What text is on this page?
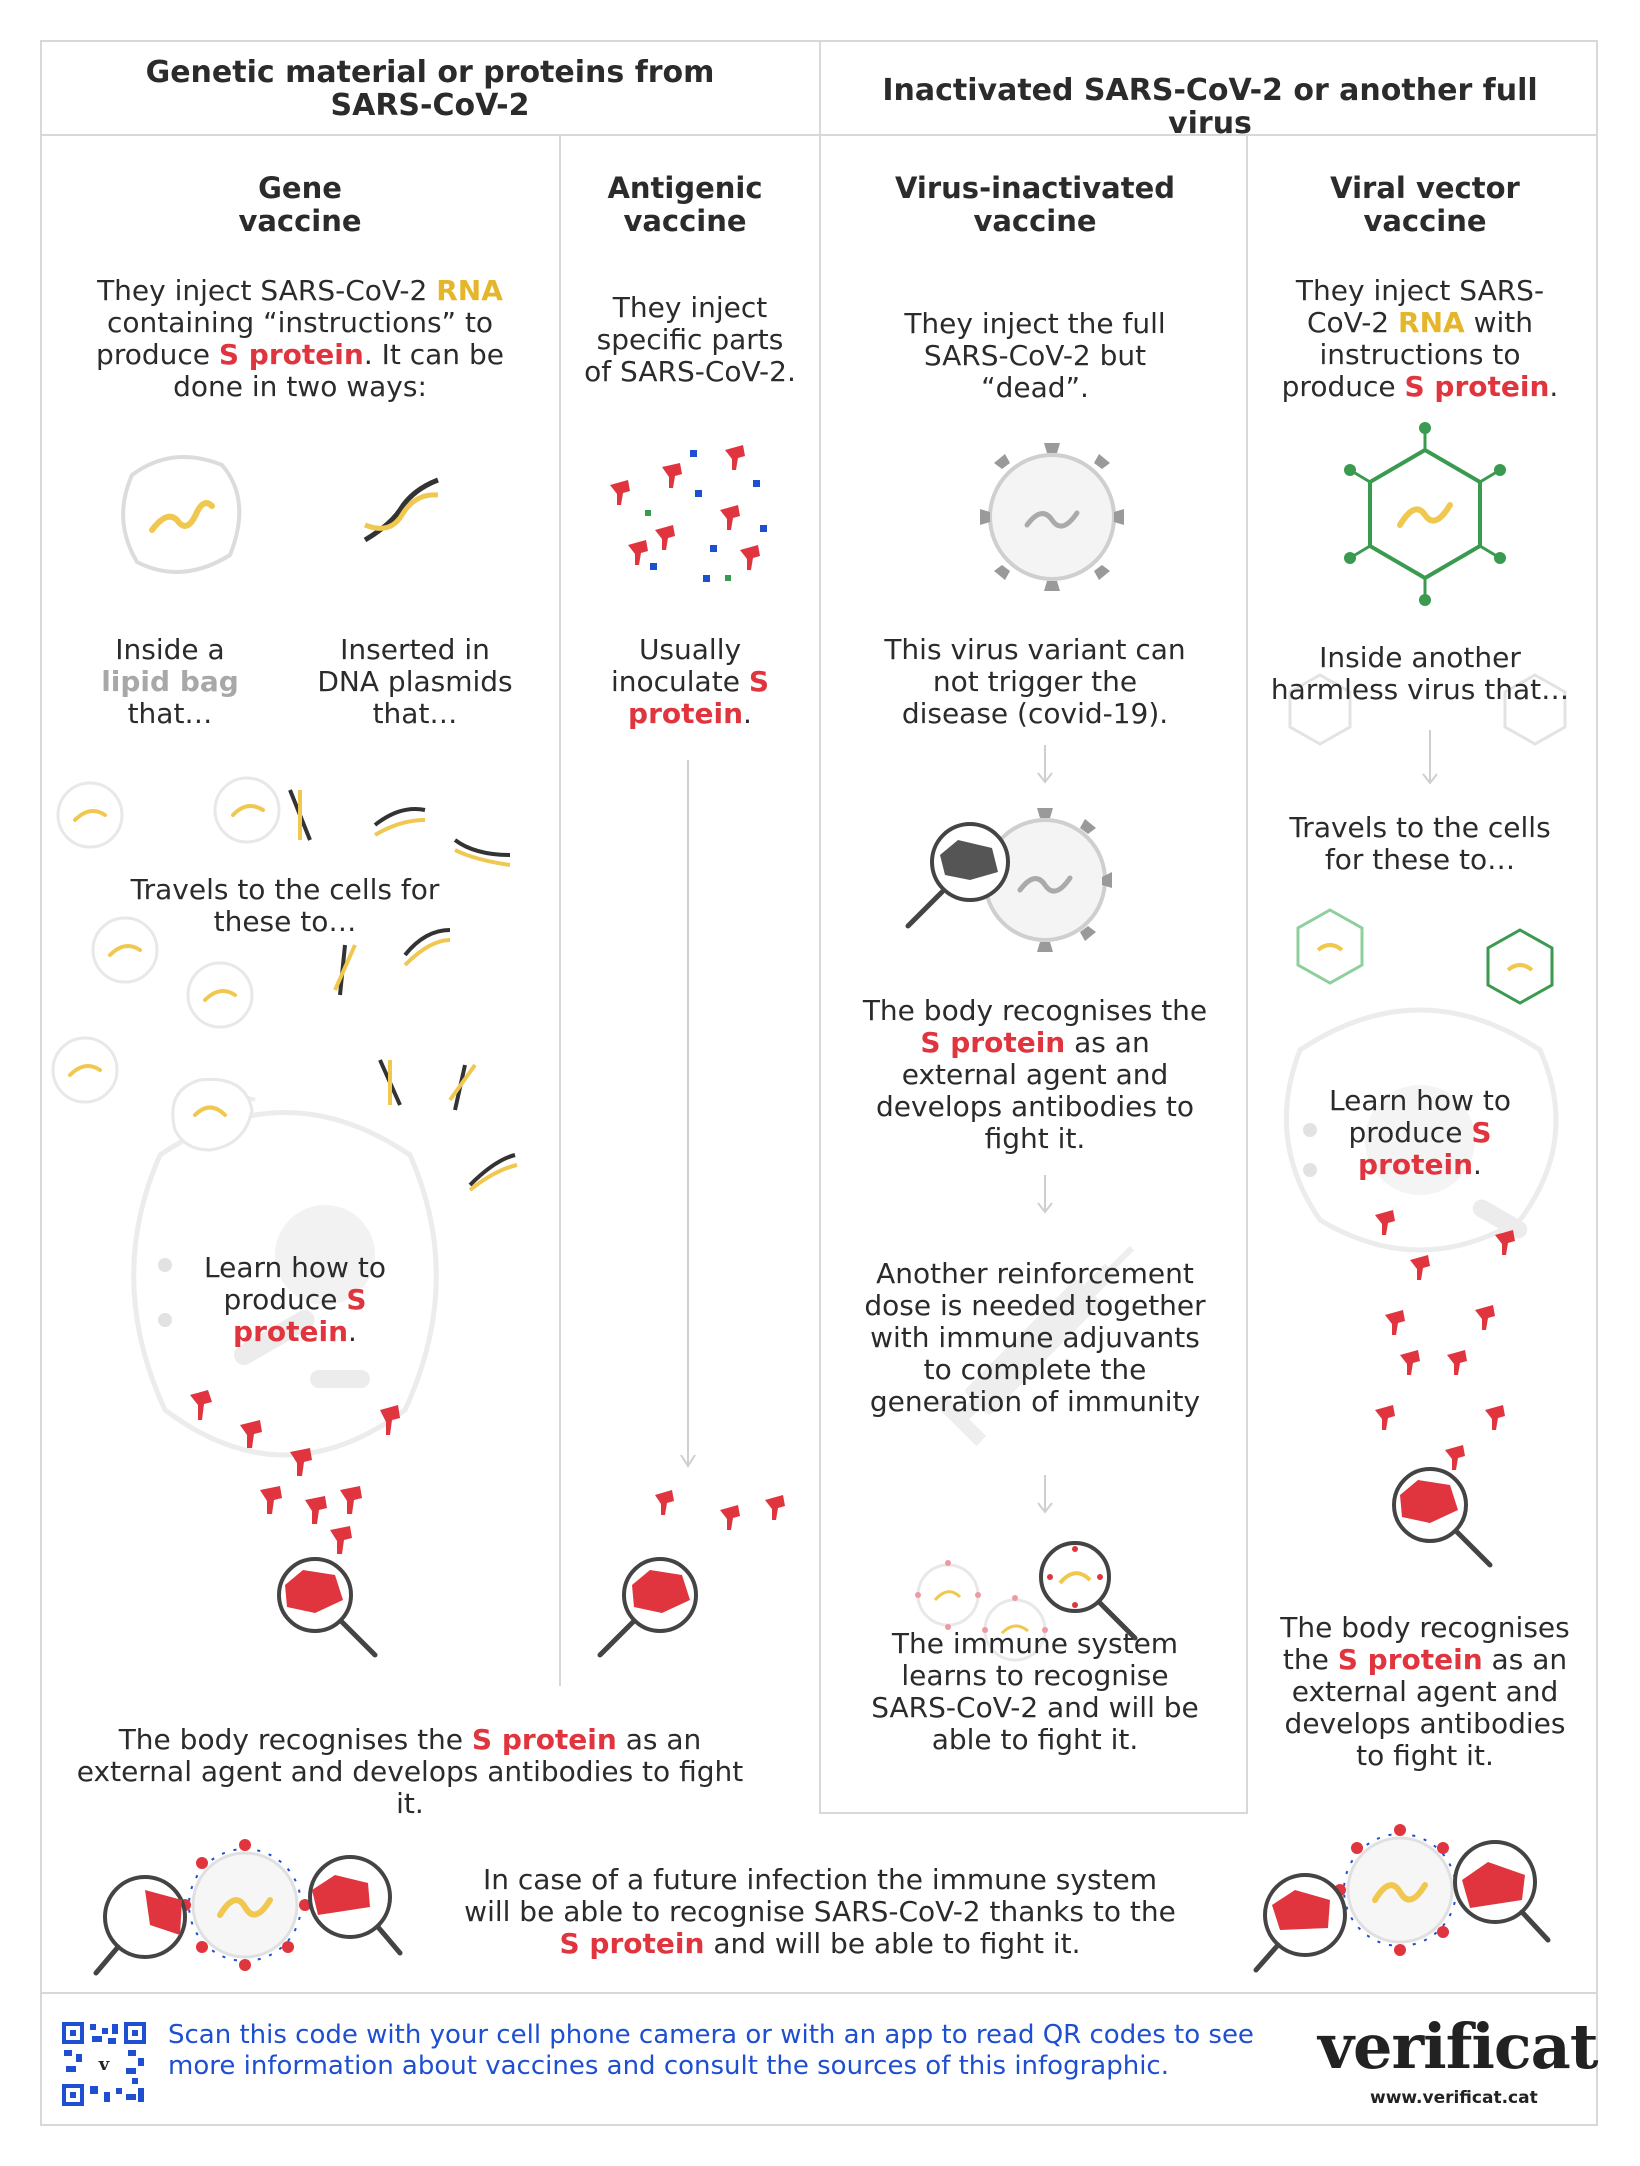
Genetic material or proteins from SARS-CoV-2	Inactivated SARS-CoV-2 or another full virus
Gene vaccine
Antigenic vaccine
Virus-inactivated vaccine
Viral vector vaccine
They inject SARS-CoV-2 RNA containing “instructions” to produce S protein. It can be done in two ways:
Inside a lipid bag that…
Inserted in DNA plasmids that…
Travels to the cells for these to…
Learn how to produce S protein.
The body recognises the S protein as an external agent and develops antibodies to fight it.
They inject specific parts of SARS-CoV-2.
Usually inoculate S protein.
They inject the full SARS-CoV-2 but “dead”.
This virus variant can not trigger the disease (covid-19).
The body recognises the S protein as an external agent and develops antibodies to fight it.
Another reinforcement dose is needed together with immune adjuvants to complete the generation of immunity
The immune system learns to recognise SARS-CoV-2 and will be able to fight it.
They inject SARS-CoV-2 RNA with instructions to produce S protein.
Inside another harmless virus that…
Travels to the cells for these to…
Learn how to produce S protein.
The body recognises the S protein as an external agent and develops antibodies to fight it.
In case of a future infection the immune system will be able to recognise SARS-CoV-2 thanks to the S protein and will be able to fight it.
v
Scan this code with your cell phone camera or with an app to read QR codes to see more information about vaccines and consult the sources of this infographic.	verificat
www.verificat.cat
